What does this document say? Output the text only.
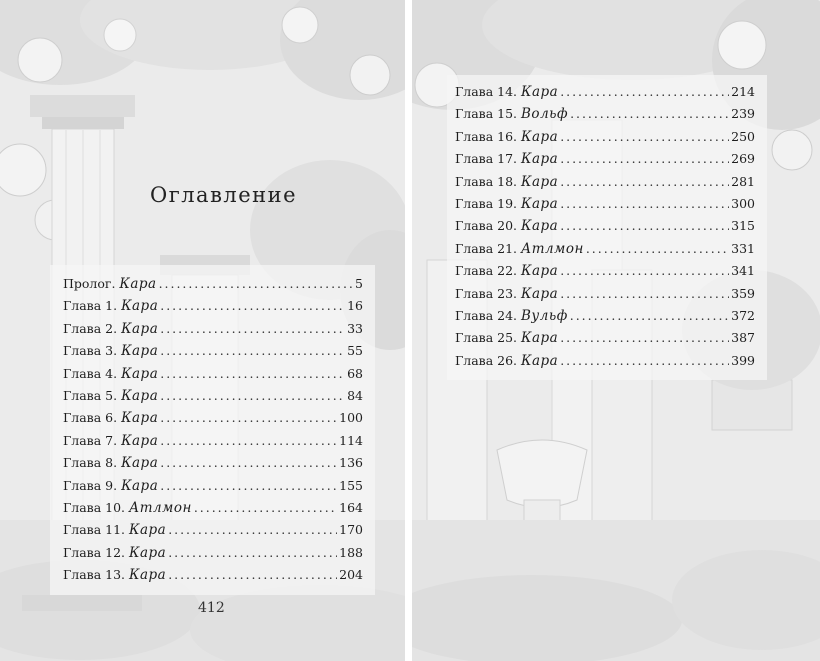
Оглавление
Пролог. Кара . . .	5
Глава 1. Кара . . .	16
Глава 2. Кара . . .	33
Глава 3. Кара . . .	55
Глава 4. Кара . . .	68
Глава 5. Кара . . .	84
Глава 6. Кара . . .	100
Глава 7. Кара . . .	114
Глава 8. Кара . . .	136
Глава 9. Кара . . .	155
Глава 10. Атлмон . . .	164
Глава 11. Кара . . .	170
Глава 12. Кара . . .	188
Глава 13. Кара . . .	204
412
Глава 14. Кара . . .	214
Глава 15. Вольф . . .	239
Глава 16. Кара . . .	250
Глава 17. Кара . . .	269
Глава 18. Кара . . .	281
Глава 19. Кара . . .	300
Глава 20. Кара . . .	315
Глава 21. Атлмон . . .	331
Глава 22. Кара . . .	341
Глава 23. Кара . . .	359
Глава 24. Вульф . . .	372
Глава 25. Кара . . .	387
Глава 26. Кара . . .	399
